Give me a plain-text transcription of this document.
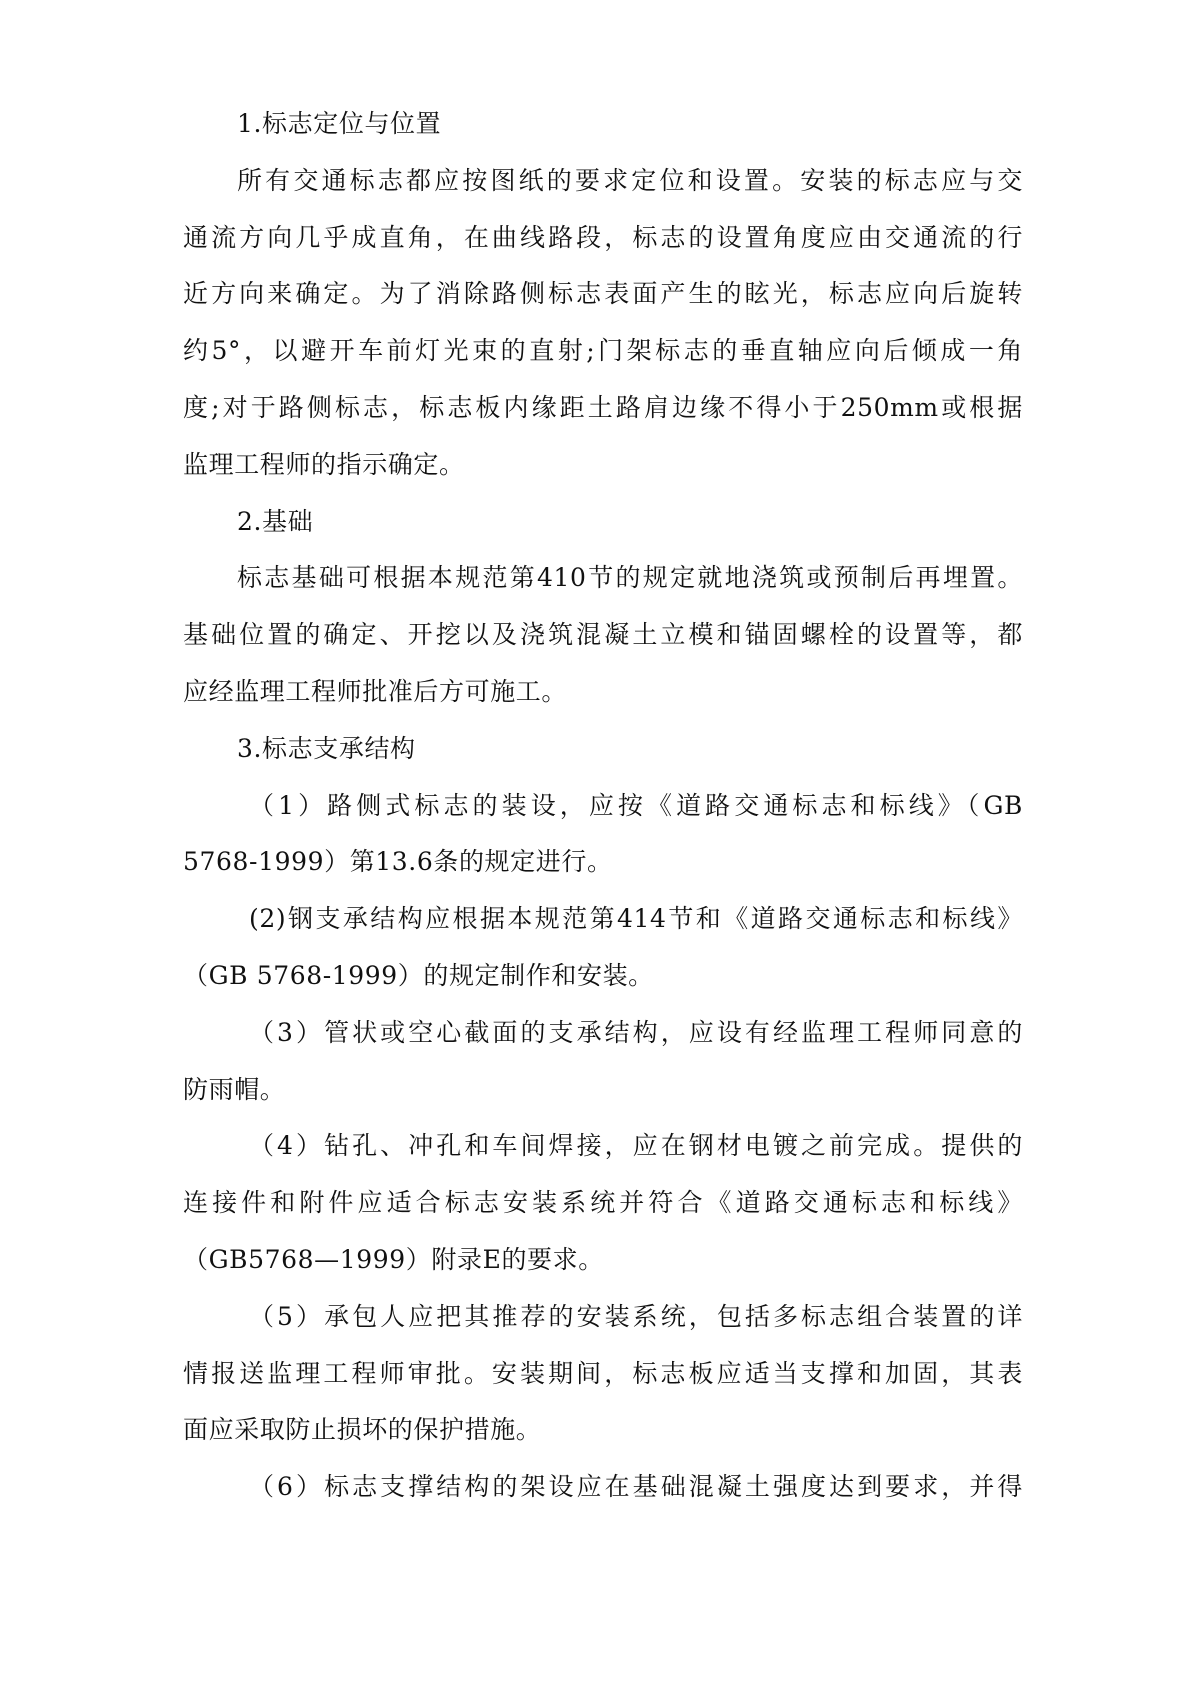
1.标志定位与位置
所有交通标志都应按图纸的要求定位和设置。安装的标志应与交
通流方向几乎成直角，在曲线路段，标志的设置角度应由交通流的行
近方向来确定。为了消除路侧标志表面产生的眩光，标志应向后旋转
约5°，以避开车前灯光束的直射;门架标志的垂直轴应向后倾成一角
度;对于路侧标志，标志板内缘距土路肩边缘不得小于250mm或根据
监理工程师的指示确定。
2.基础
标志基础可根据本规范第410节的规定就地浇筑或预制后再埋置。
基础位置的确定、开挖以及浇筑混凝土立模和锚固螺栓的设置等，都
应经监理工程师批准后方可施工。
3.标志支承结构
（1）路侧式标志的装设，应按《道路交通标志和标线》（GB
5768-1999）第13.6条的规定进行。
(2)钢支承结构应根据本规范第414节和《道路交通标志和标线》
（GB 5768-1999）的规定制作和安装。
（3）管状或空心截面的支承结构，应设有经监理工程师同意的
防雨帽。
（4）钻孔、冲孔和车间焊接，应在钢材电镀之前完成。提供的
连接件和附件应适合标志安装系统并符合《道路交通标志和标线》
（GB5768—1999）附录E的要求。
（5）承包人应把其推荐的安装系统，包括多标志组合装置的详
情报送监理工程师审批。安装期间，标志板应适当支撑和加固，其表
面应采取防止损坏的保护措施。
（6）标志支撑结构的架设应在基础混凝土强度达到要求，并得
